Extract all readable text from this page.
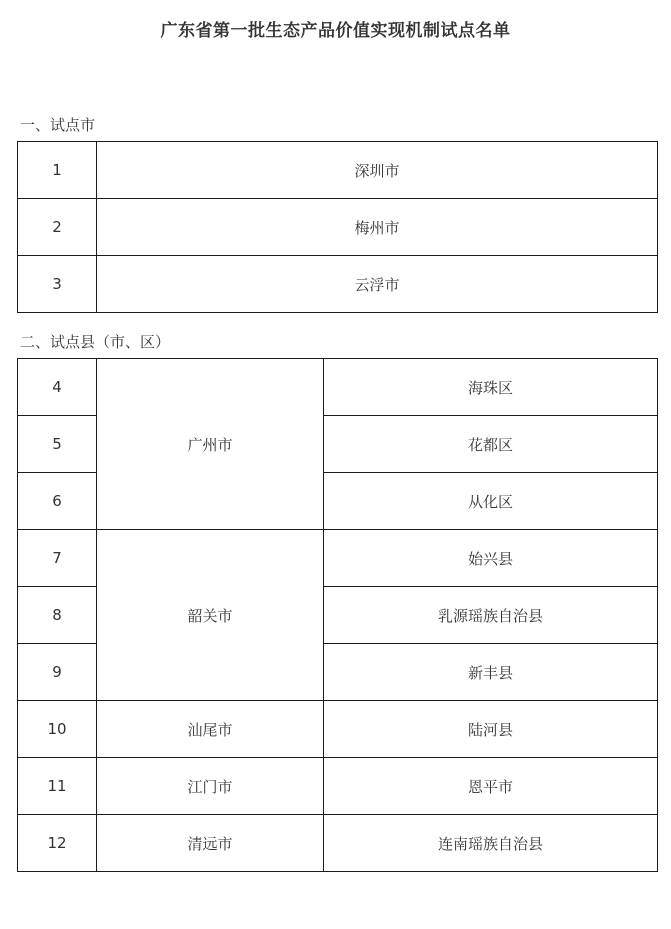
广东省第一批生态产品价值实现机制试点名单
一、试点市
1	深圳市
2	梅州市
3	云浮市
二、试点县（市、区）
4	广州市	海珠区
5		花都区
6		从化区
7	韶关市	始兴县
8		乳源瑶族自治县
9		新丰县
10	汕尾市	陆河县
11	江门市	恩平市
12	清远市	连南瑶族自治县
